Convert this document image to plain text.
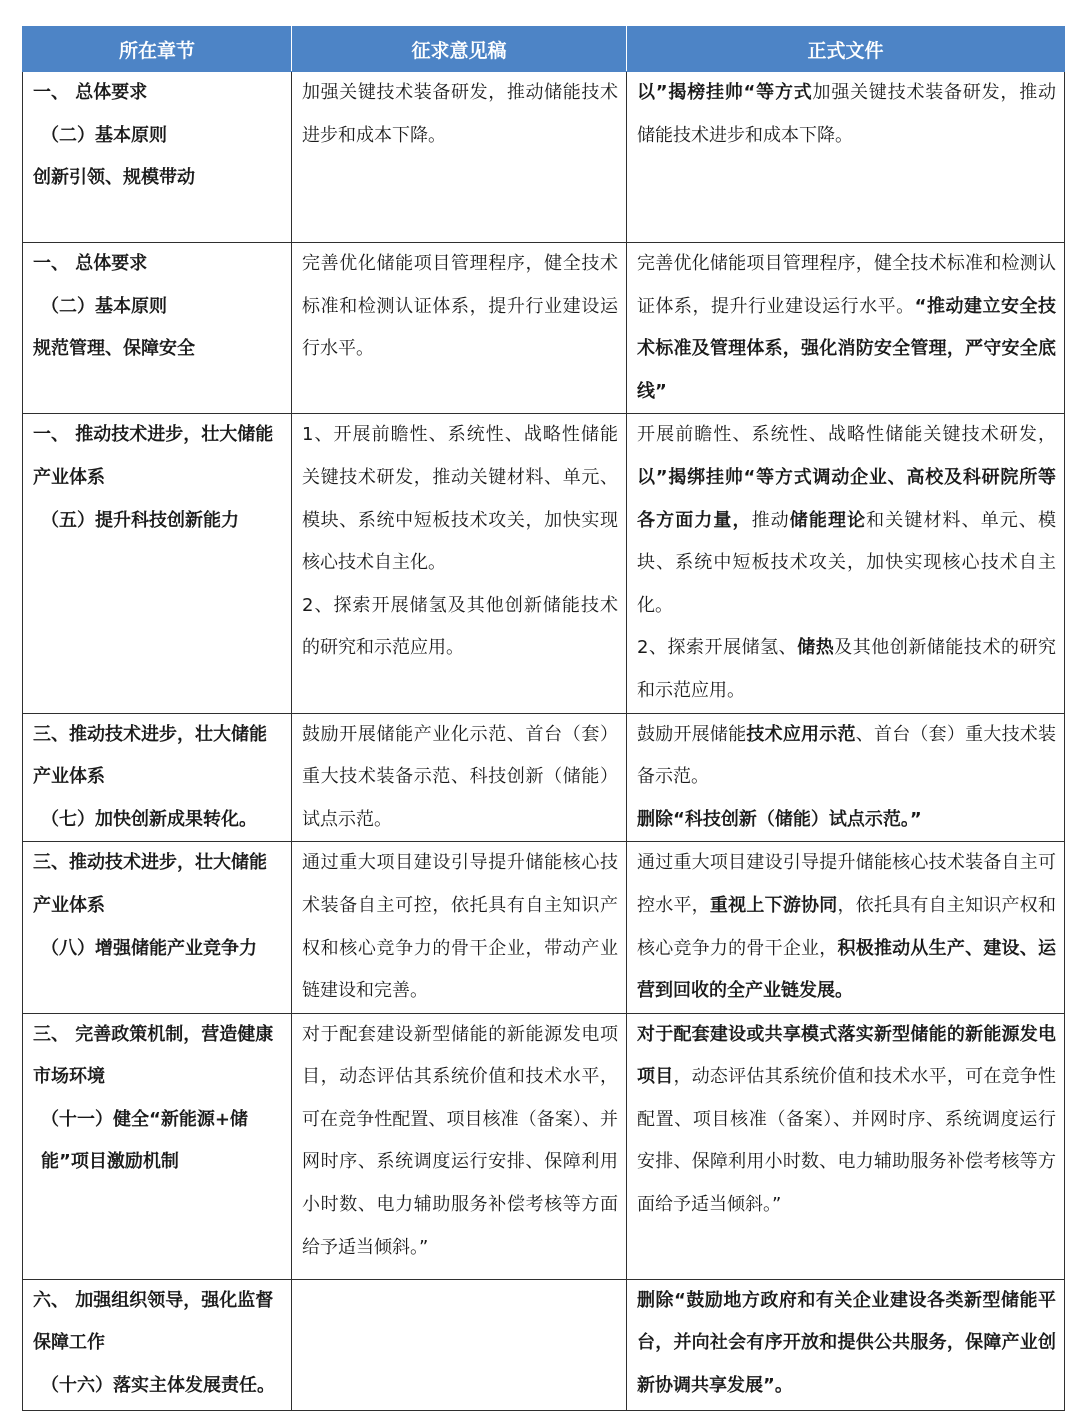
所在章节	征求意见稿	正式文件

一、 总体要求
（二）基本原则
创新引领、规模带动	加强关键技术装备研发，推动储能技术进步和成本下降。	以”揭榜挂帅“等方式加强关键技术装备研发，推动储能技术进步和成本下降。

一、 总体要求
（二）基本原则
规范管理、保障安全	完善优化储能项目管理程序，健全技术标准和检测认证体系，提升行业建设运行水平。	完善优化储能项目管理程序，健全技术标准和检测认证体系，提升行业建设运行水平。“推动建立安全技术标准及管理体系，强化消防安全管理，严守安全底线”

一、 推动技术进步，壮大储能产业体系
（五）提升科技创新能力	1、开展前瞻性、系统性、战略性储能关键技术研发，推动关键材料、单元、模块、系统中短板技术攻关，加快实现核心技术自主化。
2、探索开展储氢及其他创新储能技术的研究和示范应用。	开展前瞻性、系统性、战略性储能关键技术研发，以”揭绑挂帅“等方式调动企业、高校及科研院所等各方面力量，推动储能理论和关键材料、单元、模块、系统中短板技术攻关，加快实现核心技术自主化。
2、探索开展储氢、储热及其他创新储能技术的研究和示范应用。

三、推动技术进步，壮大储能产业体系
（七）加快创新成果转化。	鼓励开展储能产业化示范、首台（套）重大技术装备示范、科技创新（储能）试点示范。	鼓励开展储能技术应用示范、首台（套）重大技术装备示范。
删除“科技创新（储能）试点示范。”

三、推动技术进步，壮大储能产业体系
（八）增强储能产业竞争力	通过重大项目建设引导提升储能核心技术装备自主可控，依托具有自主知识产权和核心竞争力的骨干企业，带动产业链建设和完善。	通过重大项目建设引导提升储能核心技术装备自主可控水平，重视上下游协同，依托具有自主知识产权和核心竞争力的骨干企业，积极推动从生产、建设、运营到回收的全产业链发展。

三、 完善政策机制，营造健康市场环境
（十一）健全“新能源+储能”项目激励机制	对于配套建设新型储能的新能源发电项目，动态评估其系统价值和技术水平，可在竞争性配置、项目核准（备案）、并网时序、系统调度运行安排、保障利用小时数、电力辅助服务补偿考核等方面给予适当倾斜。”	对于配套建设或共享模式落实新型储能的新能源发电项目，动态评估其系统价值和技术水平，可在竞争性配置、项目核准（备案）、并网时序、系统调度运行安排、保障利用小时数、电力辅助服务补偿考核等方面给予适当倾斜。”

六、 加强组织领导，强化监督保障工作
（十六）落实主体发展责任。		删除“鼓励地方政府和有关企业建设各类新型储能平台，并向社会有序开放和提供公共服务，保障产业创新协调共享发展”。
